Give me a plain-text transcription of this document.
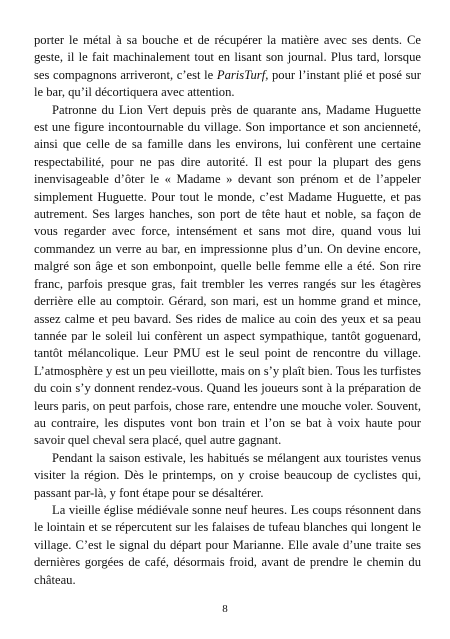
porter le métal à sa bouche et de récupérer la matière avec ses dents. Ce geste, il le fait machinalement tout en lisant son journal. Plus tard, lorsque ses compagnons arriveront, c’est le ParisTurf, pour l’instant plié et posé sur le bar, qu’il décortiquera avec attention.

Patronne du Lion Vert depuis près de quarante ans, Madame Huguette est une figure incontournable du village. Son importance et son ancienneté, ainsi que celle de sa famille dans les environs, lui confèrent une certaine respectabilité, pour ne pas dire autorité. Il est pour la plupart des gens inenvisageable d’ôter le « Madame » devant son prénom et de l’appeler simplement Huguette. Pour tout le monde, c’est Madame Huguette, et pas autrement. Ses larges hanches, son port de tête haut et noble, sa façon de vous regarder avec force, intensément et sans mot dire, quand vous lui commandez un verre au bar, en impressionne plus d’un. On devine encore, malgré son âge et son embonpoint, quelle belle femme elle a été. Son rire franc, parfois presque gras, fait trembler les verres rangés sur les étagères derrière elle au comptoir. Gérard, son mari, est un homme grand et mince, assez calme et peu bavard. Ses rides de malice au coin des yeux et sa peau tannée par le soleil lui confèrent un aspect sympathique, tantôt goguenard, tantôt mélancolique. Leur PMU est le seul point de rencontre du village. L’atmosphère y est un peu vieillotte, mais on s’y plaît bien. Tous les turfistes du coin s’y donnent rendez-vous. Quand les joueurs sont à la préparation de leurs paris, on peut parfois, chose rare, entendre une mouche voler. Souvent, au contraire, les disputes vont bon train et l’on se bat à voix haute pour savoir quel cheval sera placé, quel autre gagnant.

Pendant la saison estivale, les habitués se mélangent aux touristes venus visiter la région. Dès le printemps, on y croise beaucoup de cyclistes qui, passant par-là, y font étape pour se désaltérer.

La vieille église médiévale sonne neuf heures. Les coups résonnent dans le lointain et se répercutent sur les falaises de tufeau blanches qui longent le village. C’est le signal du départ pour Marianne. Elle avale d’une traite ses dernières gorgées de café, désormais froid, avant de prendre le chemin du château.

8
